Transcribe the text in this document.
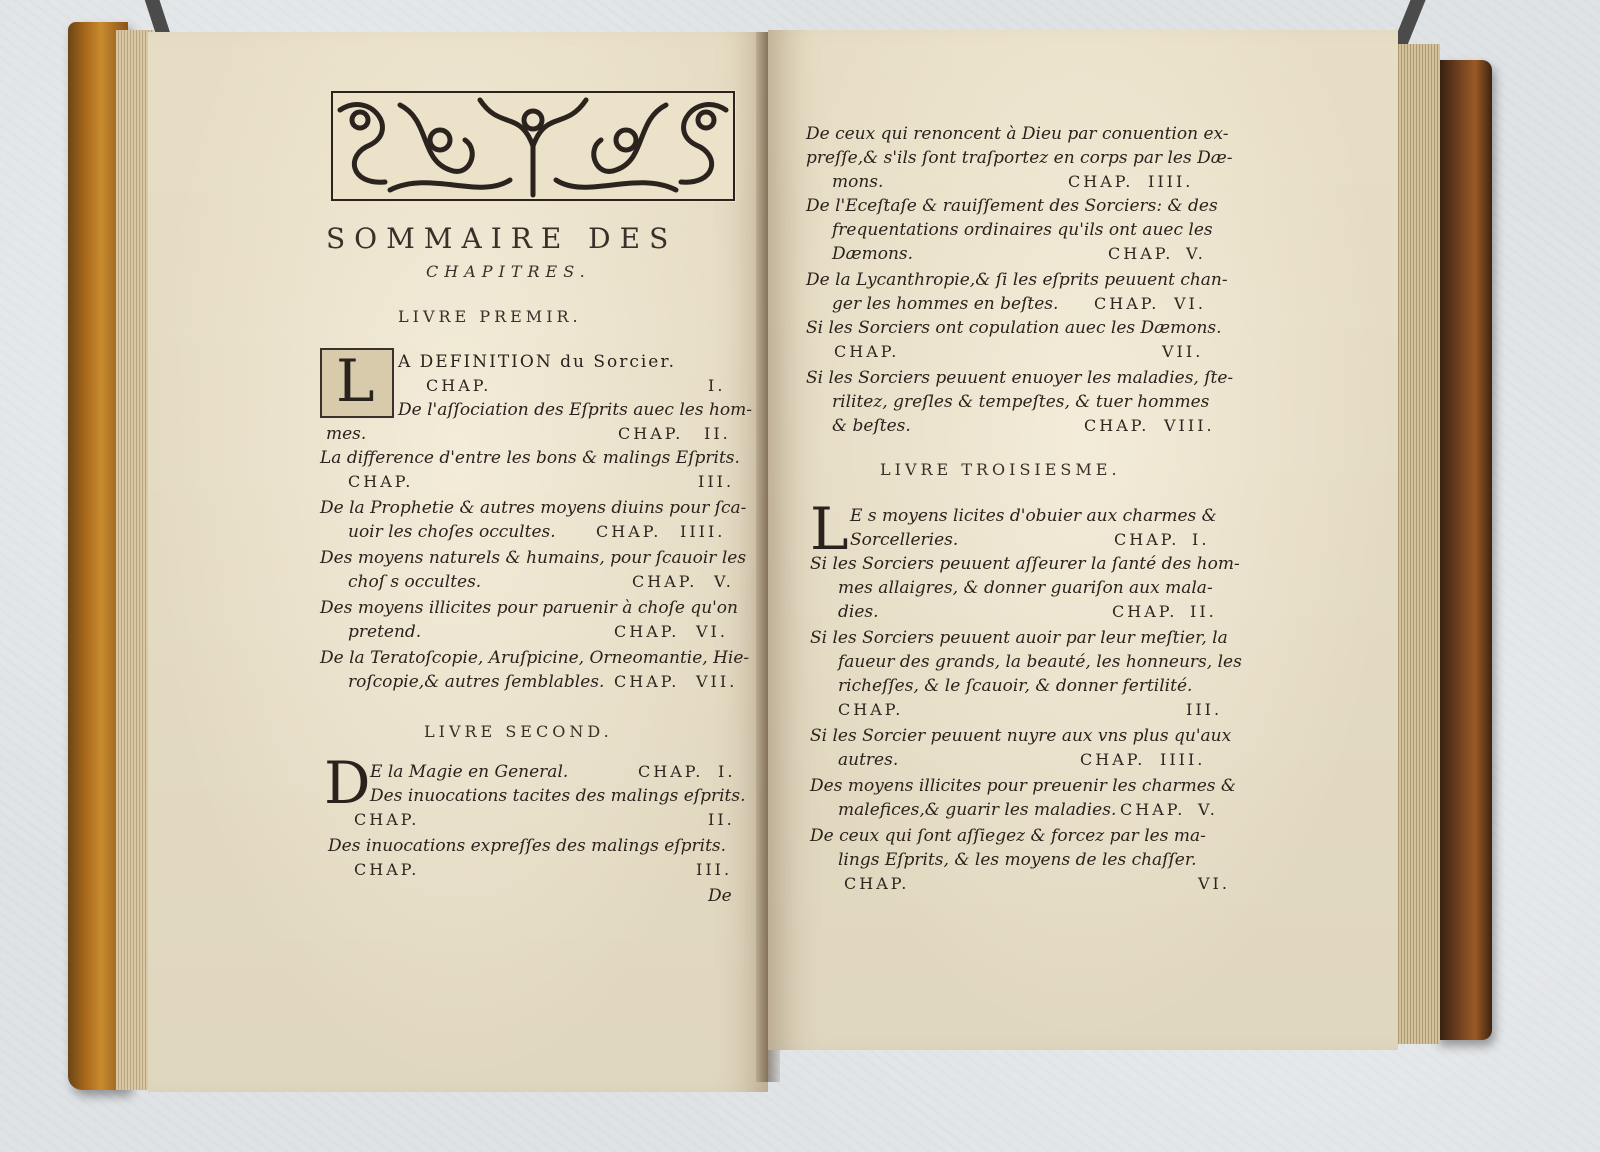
SOMMAIRE DES
CHAPITRES.
LIVRE PREMIR.
L A DEFINITION du Sorcier.
CHAP.	I.
De l'aſſociation des Eſprits auec les hom-
mes.	CHAP. II.
La difference d'entre les bons & malings Eſprits.
CHAP.	III.
De la Prophetie & autres moyens diuins pour ſca-
uoir les choſes occultes.	CHAP. IIII.
Des moyens naturels & humains, pour ſcauoir les
choſ s occultes.	CHAP. V.
Des moyens illicites pour paruenir à choſe qu'on
pretend.	CHAP. VI.
De la Teratoſcopie, Aruſpicine, Orneomantie, Hie-
roſcopie,& autres ſemblables. CHAP. VII.
LIVRE SECOND.
D E la Magie en General.	CHAP. I.
Des inuocations tacites des malings eſprits.
CHAP.	II.
Des inuocations expreſſes des malings eſprits.
CHAP.	III.
De
De ceux qui renoncent à Dieu par conuention ex-
preſſe,& s'ils ſont traſportez en corps par les Dæ-
mons.	CHAP. IIII.
De l'Eceſtaſe & rauiſſement des Sorciers: & des
frequentations ordinaires qu'ils ont auec les
Dæmons.	CHAP. V.
De la Lycanthropie,& ſi les eſprits peuuent chan-
ger les hommes en beſtes. CHAP. VI.
Si les Sorciers ont copulation auec les Dæmons.
CHAP.	VII.
Si les Sorciers peuuent enuoyer les maladies, ſte-
rilitez, greſles & tempeſtes, & tuer hommes
& beſtes.	CHAP. VIII.
LIVRE TROISIESME.
L E s moyens licites d'obuier aux charmes &
Sorcelleries.	CHAP. I.
Si les Sorciers peuuent aſſeurer la ſanté des hom-
mes allaigres, & donner guariſon aux mala-
dies.	CHAP. II.
Si les Sorciers peuuent auoir par leur meſtier, la
faueur des grands, la beauté, les honneurs, les
richeſſes, & le ſcauoir, & donner fertilité.
CHAP.	III.
Si les Sorcier peuuent nuyre aux vns plus qu'aux
autres.	CHAP. IIII.
Des moyens illicites pour preuenir les charmes &
malefices,& guarir les maladies. CHAP. V.
De ceux qui ſont aſſiegez & forcez par les ma-
lings Eſprits, & les moyens de les chaſſer.
CHAP.	VI.
